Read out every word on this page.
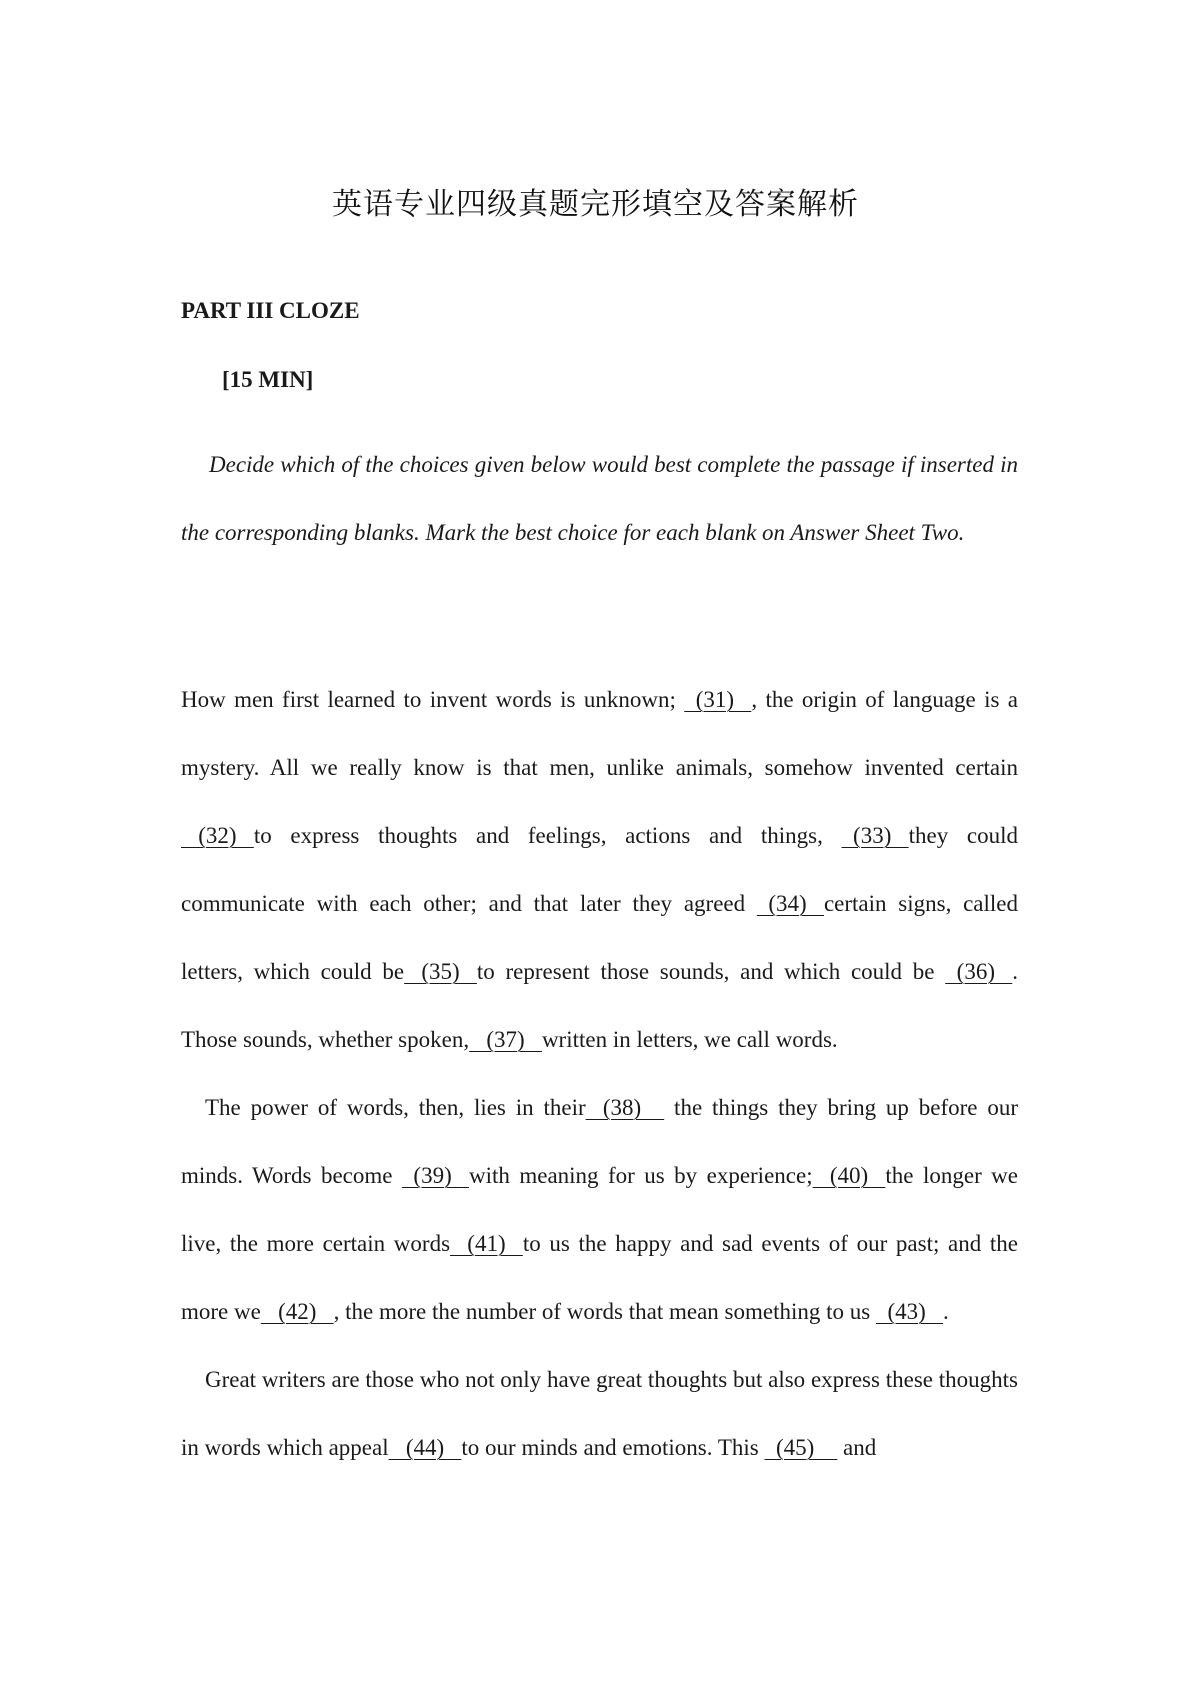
英语专业四级真题完形填空及答案解析
PART III CLOZE
[15 MIN]

Decide which of the choices given below would best complete the passage if inserted in the corresponding blanks. Mark the best choice for each blank on Answer Sheet Two.

How men first learned to invent words is unknown;   (31)   , the origin of language is a mystery. All we really know is that men, unlike animals, somehow invented certain   (32)   to express thoughts and feelings, actions and things,   (33)   they could communicate with each other; and that later they agreed   (34)   certain signs, called letters, which could be   (35)   to represent those sounds, and which could be   (36)   . Those sounds, whether spoken,   (37)   written in letters, we call words.

The power of words, then, lies in their   (38)     the things they bring up before our minds. Words become   (39)   with meaning for us by experience;   (40)   the longer we live, the more certain words   (41)   to us the happy and sad events of our past; and the more we   (42)   , the more the number of words that mean something to us   (43)   .

Great writers are those who not only have great thoughts but also express these thoughts in words which appeal   (44)   to our minds and emotions. This   (45)     and
